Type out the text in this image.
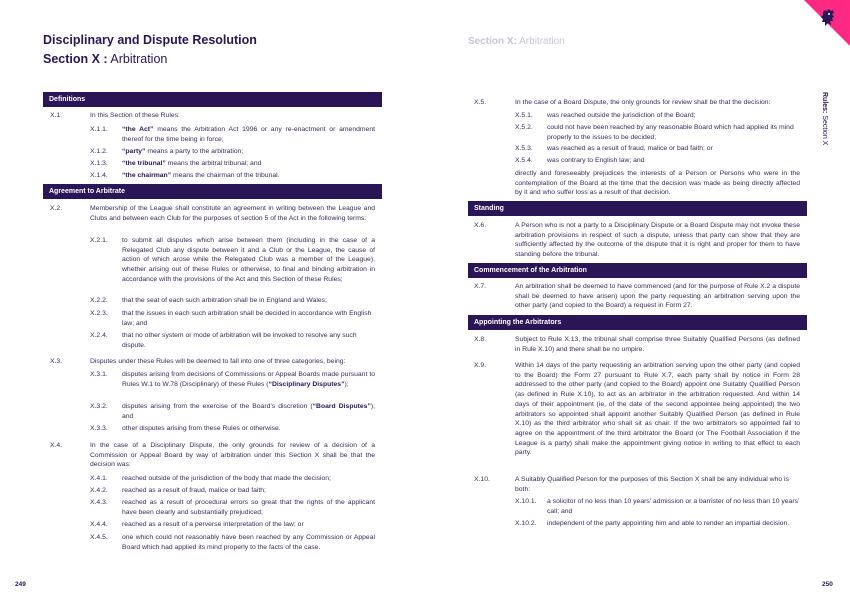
Disciplinary and Dispute Resolution
Section X : Arbitration
Section X: Arbitration
Rules: Section X
Definitions
X.1.	In this Section of these Rules:
X.1.1. “the Act” means the Arbitration Act 1996 or any re-enactment or amendment thereof for the time being in force;
X.1.2. “party” means a party to the arbitration;
X.1.3. “the tribunal” means the arbitral tribunal; and
X.1.4. “the chairman” means the chairman of the tribunal.
Agreement to Arbitrate
X.2.	Membership of the League shall constitute an agreement in writing between the League and Clubs and between each Club for the purposes of section 5 of the Act in the following terms:
X.2.1. to submit all disputes which arise between them (including in the case of a Relegated Club any dispute between it and a Club or the League, the cause of action of which arose while the Relegated Club was a member of the League), whether arising out of these Rules or otherwise, to final and binding arbitration in accordance with the provisions of the Act and this Section of these Rules;
X.2.2. that the seat of each such arbitration shall be in England and Wales;
X.2.3. that the issues in each such arbitration shall be decided in accordance with English law; and
X.2.4. that no other system or mode of arbitration will be invoked to resolve any such dispute.
X.3.	Disputes under these Rules will be deemed to fall into one of three categories, being:
X.3.1. disputes arising from decisions of Commissions or Appeal Boards made pursuant to Rules W.1 to W.78 (Disciplinary) of these Rules (“Disciplinary Disputes”);
X.3.2. disputes arising from the exercise of the Board’s discretion (“Board Disputes”); and
X.3.3. other disputes arising from these Rules or otherwise.
X.4.	In the case of a Disciplinary Dispute, the only grounds for review of a decision of a Commission or Appeal Board by way of arbitration under this Section X shall be that the decision was:
X.4.1. reached outside of the jurisdiction of the body that made the decision;
X.4.2. reached as a result of fraud, malice or bad faith;
X.4.3. reached as a result of procedural errors so great that the rights of the applicant have been clearly and substantially prejudiced;
X.4.4. reached as a result of a perverse interpretation of the law; or
X.4.5. one which could not reasonably have been reached by any Commission or Appeal Board which had applied its mind properly to the facts of the case.
X.5.	In the case of a Board Dispute, the only grounds for review shall be that the decision:
X.5.1. was reached outside the jurisdiction of the Board;
X.5.2. could not have been reached by any reasonable Board which had applied its mind properly to the issues to be decided;
X.5.3. was reached as a result of fraud, malice or bad faith; or
X.5.4. was contrary to English law; and
directly and foreseeably prejudices the interests of a Person or Persons who were in the contemplation of the Board at the time that the decision was made as being directly affected by it and who suffer loss as a result of that decision.
Standing
X.6.	A Person who is not a party to a Disciplinary Dispute or a Board Dispute may not invoke these arbitration provisions in respect of such a dispute, unless that party can show that they are sufficiently affected by the outcome of the dispute that it is right and proper for them to have standing before the tribunal.
Commencement of the Arbitration
X.7.	An arbitration shall be deemed to have commenced (and for the purpose of Rule X.2 a dispute shall be deemed to have arisen) upon the party requesting an arbitration serving upon the other party (and copied to the Board) a request in Form 27.
Appointing the Arbitrators
X.8.	Subject to Rule X.13, the tribunal shall comprise three Suitably Qualified Persons (as defined in Rule X.10) and there shall be no umpire.
X.9.	Within 14 days of the party requesting an arbitration serving upon the other party (and copied to the Board) the Form 27 pursuant to Rule X.7, each party shall by notice in Form 28 addressed to the other party (and copied to the Board) appoint one Suitably Qualified Person (as defined in Rule X.10), to act as an arbitrator in the arbitration requested. And within 14 days of their appointment (ie, of the date of the second appointee being appointed) the two arbitrators so appointed shall appoint another Suitably Qualified Person (as defined in Rule X.10) as the third arbitrator who shall sit as chair. If the two arbitrators so appointed fail to agree on the appointment of the third arbitrator the Board (or The Football Association if the League is a party) shall make the appointment giving notice in writing to that effect to each party.
X.10.	A Suitably Qualified Person for the purposes of this Section X shall be any individual who is both:
X.10.1. a solicitor of no less than 10 years’ admission or a barrister of no less than 10 years’ call; and
X.10.2. independent of the party appointing him and able to render an impartial decision.
249	250
